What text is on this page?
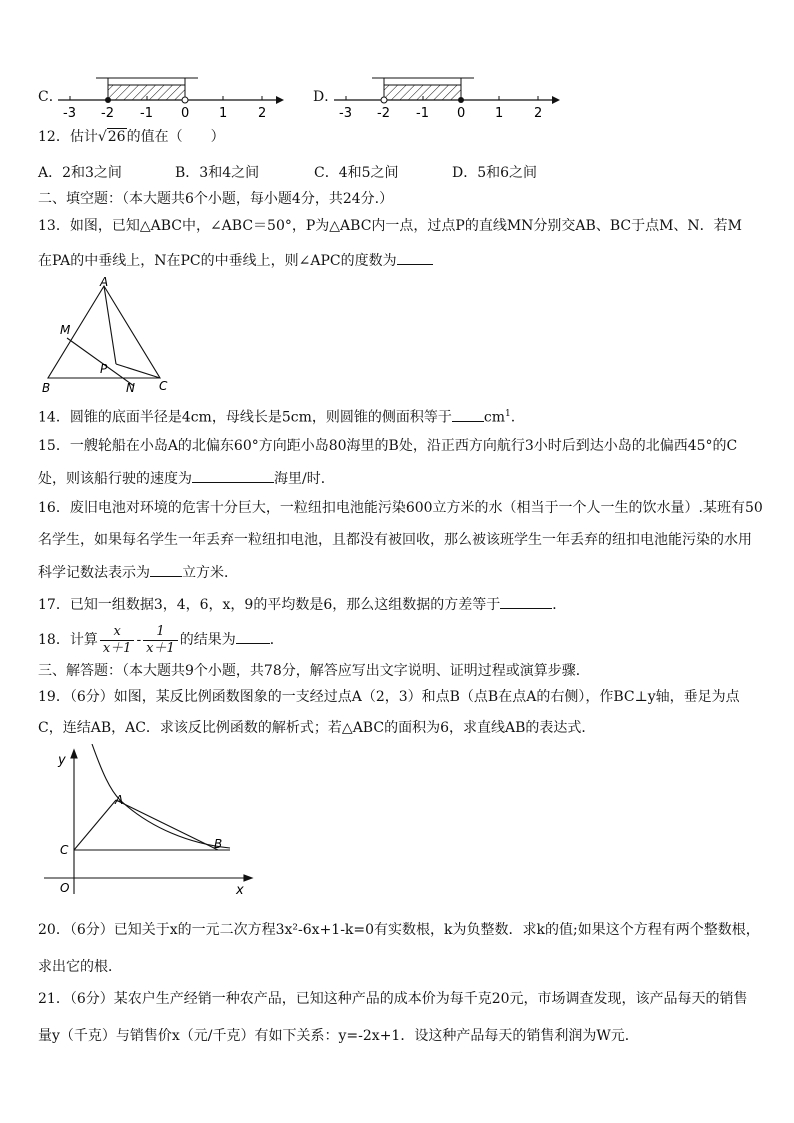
C．
-3 -2 -1 0 1 2
D．
-3 -2 -1 0 1 2
12．估计√26的值在（　　）
A．2和3之间	B．3和4之间	C．4和5之间	D．5和6之间
二、填空题：（本大题共6个小题，每小题4分，共24分.）
13．如图，已知△ABC中，∠ABC＝50°，P为△ABC内一点，过点P的直线MN分别交AB、BC于点M、N．若M
在PA的中垂线上，N在PC的中垂线上，则∠APC的度数为
A
M
P
B	N C
14．圆锥的底面半径是4cm，母线长是5cm，则圆锥的侧面积等于 $cm^1$.
15．一艘轮船在小岛A的北偏东60°方向距小岛80海里的B处，沿正西方向航行3小时后到达小岛的北偏西45°的C
处，则该船行驶的速度为	海里/时．
16．废旧电池对环境的危害十分巨大，一粒纽扣电池能污染600立方米的水（相当于一个人一生的饮水量）.某班有50
名学生，如果每名学生一年丢弃一粒纽扣电池，且都没有被回收，那么被该班学生一年丢弃的纽扣电池能污染的水用
科学记数法表示为 立方米．
17．已知一组数据3，4，6，x，9的平均数是6，那么这组数据的方差等于	．
18．计算 $\frac{x}{x+1} - \frac{1}{x+1}$ 的结果为 ．
三、解答题：（本大题共9个小题，共78分，解答应写出文字说明、证明过程或演算步骤．
19．（6分）如图，某反比例函数图象的一支经过点A（2，3）和点B（点B在点A的右侧），作BC⊥y轴，垂足为点
C，连结AB，AC．求该反比例函数的解析式；若△ABC的面积为6，求直线AB的表达式．
y
A
C	B
O	x
20．（6分）已知关于x的一元二次方程3x²-6x+1-k=0有实数根，k为负整数．求k的值;如果这个方程有两个整数根，
求出它的根．
21．（6分）某农户生产经销一种农产品，已知这种产品的成本价为每千克20元，市场调查发现，该产品每天的销售
量y（千克）与销售价x（元/千克）有如下关系：y=-2x+1．设这种产品每天的销售利润为W元．
